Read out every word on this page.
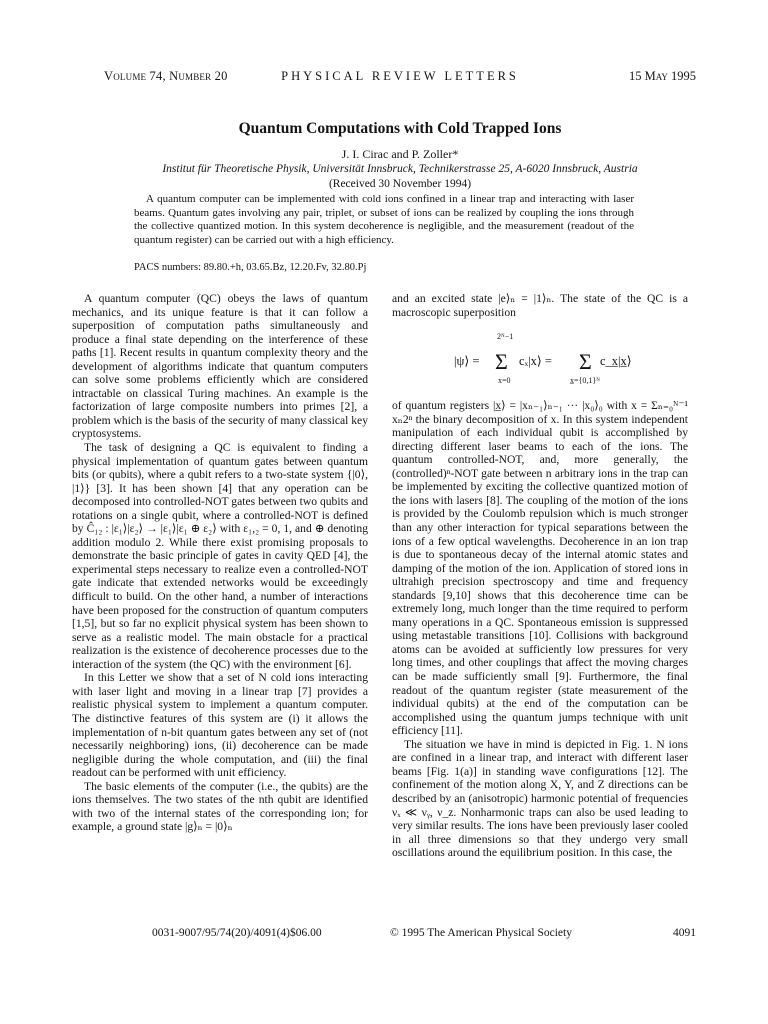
Volume 74, Number 20	PHYSICAL REVIEW LETTERS	15 May 1995
Quantum Computations with Cold Trapped Ions
J. I. Cirac and P. Zoller*
Institut für Theoretische Physik, Universität Innsbruck, Technikerstrasse 25, A-6020 Innsbruck, Austria
(Received 30 November 1994)
A quantum computer can be implemented with cold ions confined in a linear trap and interacting with laser beams. Quantum gates involving any pair, triplet, or subset of ions can be realized by coupling the ions through the collective quantized motion. In this system decoherence is negligible, and the measurement (readout of the quantum register) can be carried out with a high efficiency.
PACS numbers: 89.80.+h, 03.65.Bz, 12.20.Fv, 32.80.Pj

A quantum computer (QC) obeys the laws of quantum mechanics, and its unique feature is that it can follow a superposition of computation paths simultaneously and produce a final state depending on the interference of these paths [1]. Recent results in quantum complexity theory and the development of algorithms indicate that quantum computers can solve some problems efficiently which are considered intractable on classical Turing machines. An example is the factorization of large composite numbers into primes [2], a problem which is the basis of the security of many classical key cryptosystems.

The task of designing a QC is equivalent to finding a physical implementation of quantum gates between quantum bits (or qubits), where a qubit refers to a two-state system {|0⟩, |1⟩} [3]. It has been shown [4] that any operation can be decomposed into controlled-NOT gates between two qubits and rotations on a single qubit, where a controlled-NOT is defined by Ĉ₁₂ : |ε₁⟩|ε₂⟩ → |ε₁⟩|ε₁ ⊕ ε₂⟩ with ε₁,₂ = 0, 1, and ⊕ denoting addition modulo 2. While there exist promising proposals to demonstrate the basic principle of gates in cavity QED [4], the experimental steps necessary to realize even a controlled-NOT gate indicate that extended networks would be exceedingly difficult to build. On the other hand, a number of interactions have been proposed for the construction of quantum computers [1,5], but so far no explicit physical system has been shown to serve as a realistic model. The main obstacle for a practical realization is the existence of decoherence processes due to the interaction of the system (the QC) with the environment [6].

In this Letter we show that a set of N cold ions interacting with laser light and moving in a linear trap [7] provides a realistic physical system to implement a quantum computer. The distinctive features of this system are (i) it allows the implementation of n-bit quantum gates between any set of (not necessarily neighboring) ions, (ii) decoherence can be made negligible during the whole computation, and (iii) the final readout can be performed with unit efficiency.

The basic elements of the computer (i.e., the qubits) are the ions themselves. The two states of the nth qubit are identified with two of the internal states of the corresponding ion; for example, a ground state |g⟩ₙ = |0⟩ₙ

and an excited state |e⟩ₙ = |1⟩ₙ. The state of the QC is a macroscopic superposition

|ψ⟩ =
2ᴺ−1
Σ
x=0
cₓ|x⟩ = Σ
x̲={0,1}ᴺ
c_x̲|x̲⟩

of quantum registers |x̲⟩ = |xₙ₋₁⟩ₙ₋₁ ··· |x₀⟩₀ with x = Σₙ₌₀ᴺ⁻¹ xₙ2ⁿ the binary decomposition of x. In this system independent manipulation of each individual qubit is accomplished by directing different laser beams to each of the ions. The quantum controlled-NOT, and, more generally, the (controlled)ⁿ-NOT gate between n arbitrary ions in the trap can be implemented by exciting the collective quantized motion of the ions with lasers [8]. The coupling of the motion of the ions is provided by the Coulomb repulsion which is much stronger than any other interaction for typical separations between the ions of a few optical wavelengths. Decoherence in an ion trap is due to spontaneous decay of the internal atomic states and damping of the motion of the ion. Application of stored ions in ultrahigh precision spectroscopy and time and frequency standards [9,10] shows that this decoherence time can be extremely long, much longer than the time required to perform many operations in a QC. Spontaneous emission is suppressed using metastable transitions [10]. Collisions with background atoms can be avoided at sufficiently low pressures for very long times, and other couplings that affect the moving charges can be made sufficiently small [9]. Furthermore, the final readout of the quantum register (state measurement of the individual qubits) at the end of the computation can be accomplished using the quantum jumps technique with unit efficiency [11].

The situation we have in mind is depicted in Fig. 1. N ions are confined in a linear trap, and interact with different laser beams [Fig. 1(a)] in standing wave configurations [12]. The confinement of the motion along X, Y, and Z directions can be described by an (anisotropic) harmonic potential of frequencies νₓ ≪ νᵧ, ν_z. Nonharmonic traps can also be used leading to very similar results. The ions have been previously laser cooled in all three dimensions so that they undergo very small oscillations around the equilibrium position. In this case, the

0031-9007/95/74(20)/4091(4)$06.00	© 1995 The American Physical Society	4091
